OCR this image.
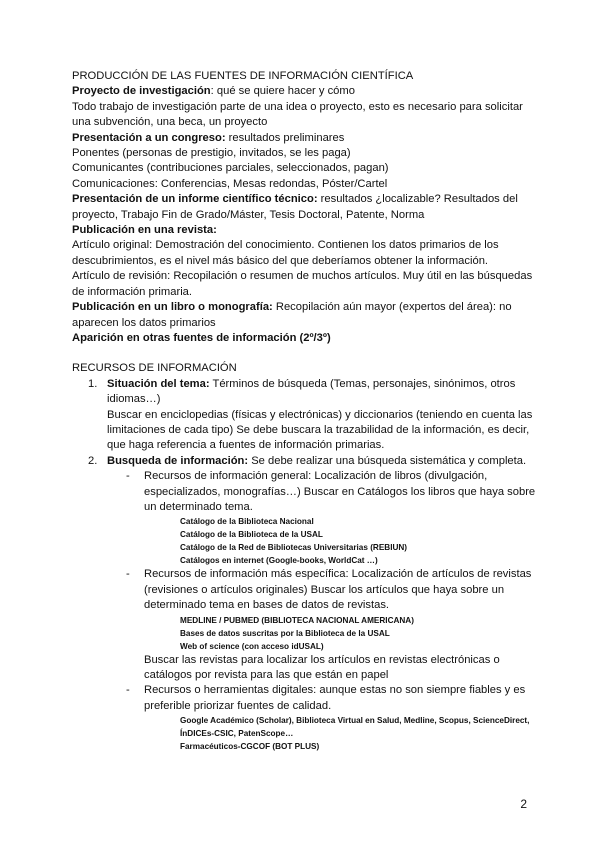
PRODUCCIÓN DE LAS FUENTES DE INFORMACIÓN CIENTÍFICA
Proyecto de investigación: qué se quiere hacer y cómo
Todo trabajo de investigación parte de una idea o proyecto, esto es necesario para solicitar una subvención, una beca, un proyecto
Presentación a un congreso: resultados preliminares
Ponentes (personas de prestigio, invitados, se les paga)
Comunicantes (contribuciones parciales, seleccionados, pagan)
Comunicaciones: Conferencias, Mesas redondas, Póster/Cartel
Presentación de un informe científico técnico: resultados ¿localizable? Resultados del proyecto, Trabajo Fin de Grado/Máster, Tesis Doctoral, Patente, Norma
Publicación en una revista:
Artículo original: Demostración del conocimiento. Contienen los datos primarios de los descubrimientos, es el nivel más básico del que deberíamos obtener la información.
Artículo de revisión: Recopilación o resumen de muchos artículos. Muy útil en las búsquedas de información primaria.
Publicación en un libro o monografía: Recopilación aún mayor (expertos del área): no aparecen los datos primarios
Aparición en otras fuentes de información (2º/3º)
RECURSOS DE INFORMACIÓN
1. Situación del tema: Términos de búsqueda (Temas, personajes, sinónimos, otros idiomas…)
Buscar en enciclopedias (físicas y electrónicas) y diccionarios (teniendo en cuenta las limitaciones de cada tipo) Se debe buscara la trazabilidad de la información, es decir, que haga referencia a fuentes de información primarias.
2. Busqueda de información: Se debe realizar una búsqueda sistemática y completa.
- Recursos de información general: Localización de libros (divulgación, especializados, monografías…) Buscar en Catálogos los libros que haya sobre un determinado tema.
Catálogo de la Biblioteca Nacional
Catálogo de la Biblioteca de la USAL
Catálogo de la Red de Bibliotecas Universitarias (REBIUN)
Catálogos en internet (Google-books, WorldCat …)
- Recursos de información más específica: Localización de artículos de revistas (revisiones o artículos originales) Buscar los artículos que haya sobre un determinado tema en bases de datos de revistas.
MEDLINE / PUBMED (BIBLIOTECA NACIONAL AMERICANA)
Bases de datos suscritas por la Biblioteca de la USAL
Web of science (con acceso idUSAL)
Buscar las revistas para localizar los artículos en revistas electrónicas o catálogos por revista para las que están en papel
- Recursos o herramientas digitales: aunque estas no son siempre fiables y es preferible priorizar fuentes de calidad.
Google Académico (Scholar), Biblioteca Virtual en Salud, Medline, Scopus, ScienceDirect, ÍnDICEs-CSIC, PatenScope…
Farmacéuticos-CGCOF (BOT PLUS)
2
